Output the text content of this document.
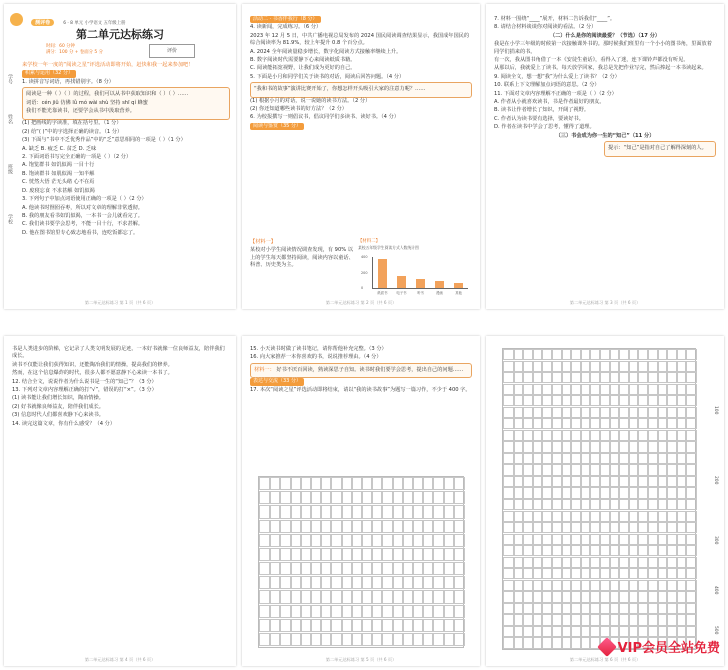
测评卷	6 · 8 单元 小学语文 五年级上册
第二单元达标练习
时间：60 分钟
满分：100 分 + 卷面分 5 分	评价
学号
姓名
班级
学校

来学校一年一度的“阅读之星”评选活动即将开始，赶快和我一起来参加吧！

积累与运用（32 分）

1. 读拼音写词语，再找错别字。（8 分）

阅读是一种（ ）（ ）的过程，我们可以从书中获取知识和（ ）（ ）……

词语：cén jiǔ 仿佛 lǜ mó wài shù 坚持 shī qí 蜂蜜

我们不能光靠读书，还要学会从书中汲取营养。

(1) 把画线的字读准，填在括号里。（1 分）

(2) 给“( )”中的字选择正确的读音。（1 分）

(3) 下面与“书中不乏优秀作品”中的“乏”意思相同的一项是（ ）（1 分）

A. 缺乏 B. 疲乏 C. 贫乏 D. 乏味

2. 下面词语书写完全正确的一项是（ ）（2 分）

A. 饱览群书 如饥似渴 一目十行

B. 饱读群书 如肌似渴 一知半解

C. 恍然大悟 茫无头绪 心不在焉

D. 废寝忘食 不求甚解 如饥似渴

3. 下列句子中加点词语使用正确的一项是（ ）（2 分）

A. 他读书时囫囵吞枣，所以对文章的理解非常透彻。

B. 我的朋友看书如饥似渴，一本书一会儿就看完了。

C. 我们读书要学会思考，不能一目十行，不求甚解。

D. 他在图书馆里专心致志地看书，连吃饭都忘了。

第二单元达标练习 第 1 页（共 6 页）

活动二 · 书香伴我行（8 分）

4. 读新闻，完成练习。（6 分）

2023 年 12 月 5 日，中共广播电视总局发布的 2024 国民阅读调查结果显示，我国成年国民的综合阅读率为 81.9%，较上年提升 0.8 个百分点。

A. 2024 全年阅读量稳步增长，数字化阅读方式接触率继续上升。

B. 数字阅读时代需要静下心来阅读纸质书籍。

C. 阅读能拓宽视野，让我们成为更好的自己。

5. 下面是小月和同学们关于读书的对话，阅读后回答问题。（4 分）

“我和书的故事”演讲比赛开始了，你想怎样开头吸引大家的注意力呢？……

(1) 根据小月的对话，说一说她的读书方法。（2 分）

(2) 你还知道哪些读书的好方法？（2 分）

6. 为校报撰写一则倡议书，倡议同学们多读书、读好书。（4 分）

阅读与鉴赏（35 分）

【材料一】

某校对小学生阅读情况调查发现，有 90% 以上的学生每天都坚持阅读，阅读内容以童话、科普、历史类为主。

【材料二】
某校五年级学生阅读方式人数统计图
纸质书	电子书	听书	漫画	其他
0
200
400
第二单元达标练习 第 2 页（共 6 页）

7. 材料一围绕“____”展开，材料二告诉我们“____”。

8. 请结合材料谈谈你对阅读的看法。（2 分）

（二）什么是你的阅读最爱？（节选）（17 分）

我是在小学三年级的时候第一次接触课外书的。那时候我们班里有一个小小的图书角，里面放着同学们捐来的书。

有一次，我从图书角借了一本《安徒生童话》，看得入了迷，连下课铃声都没有听见。

从那以后，我就爱上了读书。每天放学回家，我总是先把作业写完，然后捧起一本书读起来。

9. 阅读全文，想一想“我”为什么爱上了读书？（2 分）

10. 联系上下文理解加点词语的意思。（2 分）

11. 下面对文章内容理解不正确的一项是（ ）（2 分）

A. 作者从小就喜欢读书，书是作者最好的朋友。

B. 读书让作者增长了知识，开阔了视野。

C. 作者认为读书要有选择，要读好书。

D. 作者在读书中学会了思考，懂得了道理。

（三）书会成为你一生的“知己”（11 分）

提示：“知己”是指对自己了解得深刻的人。
第二单元达标练习 第 3 页（共 6 页）

书是人类进步的阶梯，它记录了人类文明发展的足迹。一本好书就像一位良师益友，陪伴我们成长。

读书不仅能让我们获得知识，还能陶冶我们的情操，提高我们的修养。

然而，在这个信息爆炸的时代，很多人都不愿意静下心来读一本书了。

12. 结合全文，说说作者为什么说书是一生的“知己”？（3 分）

13. 下列对文章内容理解正确的打“√”，错误的打“×”。（3 分）

(1) 读书能让我们增长知识，陶冶情操。

(2) 好书就像良师益友，陪伴我们成长。

(3) 信息时代人们都喜欢静下心来读书。

14. 读完这篇文章，你有什么感受？（4 分）

第二单元达标练习 第 4 页（共 6 页）

15. 小天读书时做了读书笔记，请你帮他补充完整。（3 分）

16. 向大家推荐一本你喜欢的书，说说推荐理由。（4 分）

材料一： 好书不厌百回读，熟读深思子自知。读书时我们要学会思考，提出自己的问题……

表达与交流（33 分）

17. 本次“阅读之星”评选活动即将结束，请以“我的读书故事”为题写一篇习作，不少于 400 字。

第二单元达标练习 第 5 页（共 6 页）
100
200
300
400
500
第二单元达标练习 第 6 页（共 6 页）
VIP会员全站免费
